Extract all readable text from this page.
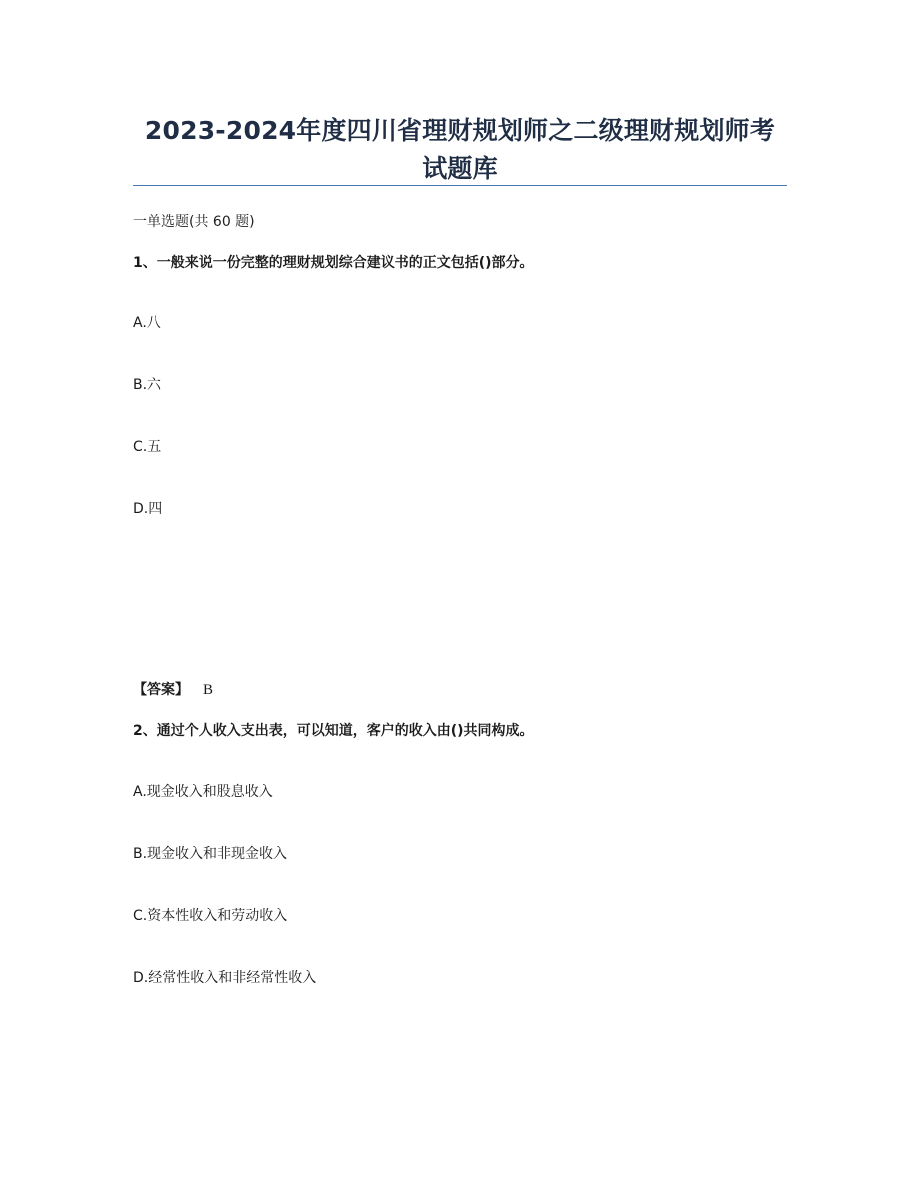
2023-2024年度四川省理财规划师之二级理财规划师考试题库
一单选题(共 60 题)
1、一般来说一份完整的理财规划综合建议书的正文包括()部分。
A.八
B.六
C.五
D.四
【答案】 B
2、通过个人收入支出表，可以知道，客户的收入由()共同构成。
A.现金收入和股息收入
B.现金收入和非现金收入
C.资本性收入和劳动收入
D.经常性收入和非经常性收入
